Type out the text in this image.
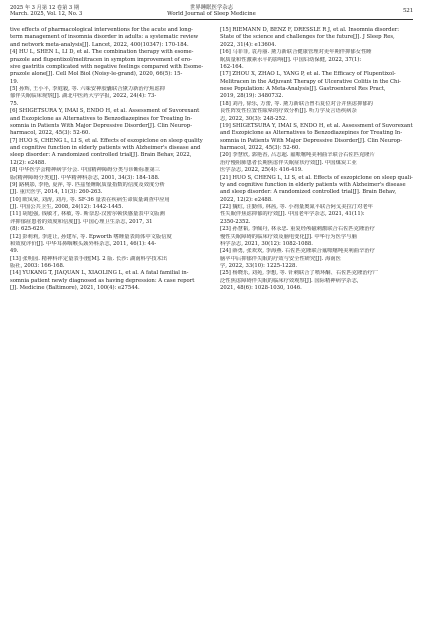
2025 年 3 月第 12 卷第 3 期
March. 2025, Vol. 12, No. 3
世界睡眠医学杂志
World Journal of Sleep Medicine
521
tive effects of pharmacological interventions for the acute and long-
term management of insomnia disorder in adults: a systematic review
and network meta-analysis[J]. Lancet, 2022, 400(10347): 170-184.
[4] HU L, SHEN L, LI D, et al. The combination therapy with esome-
prazole and flupentixol/melitracen in symptom improvement of ero-
sive gastritis complicated with negative feelings compared with Esome-
prazole alone[J]. Cell Mol Biol (Noisy-le-grand), 2020, 66(5): 15-
19.
[5] 孙辉, 王小平, 李庭毅, 等. 六味安神胶囊联合黛力新治疗焦虑抑
郁伴失眠临床观察[J]. 湖北中医药大学学报, 2022, 24(4): 73-
75.
[6] SHIGETSURA Y, IMAI S, ENDO H, et al. Assessment of Suvorexant
and Eszopiclone as Alternatives to Benzodiazepines for Treating In-
somnia in Patients With Major Depressive Disorder[J]. Clin Neurop-
harmacol, 2022, 45(3): 52-60.
[7] HUO S, CHENG L, LI S, et al. Effects of eszopiclone on sleep quality
and cognitive function in elderly patients with Alzheimer's disease and
sleep disorder: A randomized controlled trial[J]. Brain Behav, 2022,
12(2): e2488.
[8] 中华医学会精神病学分会. 中国精神障碍分类与诊断标准第三
版(精神障碍分类)[J]. 中华精神科杂志, 2001, 34(3): 184-188.
[9] 路桃影, 李艳, 夏萍, 等. 匹兹堡睡眠质量指数的信度及效度分析
[J]. 重庆医学, 2014, 11(3): 260-263.
[10] 欧凤荣, 刘涛, 刘丹, 等. SF-36 量表在疾病生命质量调查中应用
[J]. 中国公共卫生, 2008, 24(12): 1442-1445.
[11] 胡旭强, 钱敏才, 林敏, 等. 斯奈思-汉密尔顿快感量表中文版测
评抑郁症患者的效度和信度[J]. 中国心理卫生杂志, 2017, 31
(8): 625-629.
[12] 彭莉莉, 李进让, 孙建军, 等. Epworth 嗜睡量表简体中文版信度
和效度评价[J]. 中华耳鼻咽喉头颈外科杂志, 2011, 46(1): 44-
49.
[13] 张明园. 精神科评定量表手册[M]. 2 版. 长沙: 湖南科学技术出
版社, 2003: 166-168.
[14] YUKANG T, JIAQUAN L, XIAOLING L, et al. A fatal familial in-
somnia patient newly diagnosed as having depression: A case report
[J]. Medicine (Baltimore), 2021, 100(4): e27544.
[15] RIEMANN D, BENZ F, DRESSLE R J, et al. Insomnia disorder:
State of the science and challenges for the future[J]. J Sleep Res,
2022, 31(4): e13604.
[16] 马菲菲, 袁丹丽. 黛力新联合健康管理对更年期伴抑郁女性睡
眠质量和性激素水平的影响[J]. 中国妇幼保健, 2022, 37(1):
162-164.
[17] ZHOU X, ZHAO L, YANG P, et al. The Efficacy of Flupentixol-
Melitracen in the Adjuvant Therapy of Ulcerative Colitis in the Chi-
nese Population: A Meta-Analysis[J]. Gastroenterol Res Pract,
2019, 28(19): 3480732.
[18] 刘丹, 徐乐, 万蕾, 等. 黛力新联合曾石复位对合并焦虑抑郁的
良性阵发性位置性眩晕的疗效分析[J]. 听力学及言语疾病杂
志, 2022, 30(3): 248-252.
[19] SHIGETSURA Y, IMAI S, ENDO H, et al. Assessment of Suvorexant
and Eszopiclone as Alternatives to Benzodiazepines for Treating In-
somnia in Patients With Major Depressive Disorder[J]. Clin Neurop-
harmacol, 2022, 45(3): 52-60.
[20] 李慧欣, 郭艳香, 吕志超. 氟哌噻吨美利曲辛联合右佐匹克隆片
治疗慢阻肺患者长期焦虑伴失眠症状疗效[J]. 中国煤炭工业
医学杂志, 2022, 25(4): 416-419.
[21] HUO S, CHENG L, LI S, et al. Effects of eszopiclone on sleep quali-
ty and cognitive function in elderly patients with Alzheimer's disease
and sleep disorder: A randomized controlled trial[J]. Brain Behav,
2022, 12(2): e2488.
[22] 魏红, 汪勤伟, 林茜, 等. 小剂量奥氮平联合阿戈美拉汀对老年
性失眠伴焦虑抑郁的疗效[J]. 中国老年学杂志, 2021, 41(11):
2350-2352.
[23] 孙慧韬, 李佩丹, 林永忠. 重复经颅磁刺激联合右佐匹克隆治疗
慢性失眠障碍的临床疗效及脑电变化[J]. 中华行为医学与脑
科学杂志, 2021, 30(12): 1082-1088.
[24] 薛勇, 张欢欢, 李海燕. 右佐匹克隆联合氟哌噻吨美利曲辛治疗
脑卒中后抑郁伴失眠的疗效与安全性研究[J]. 海南医
学, 2022, 33(10): 1225-1228.
[25] 杨晓乐, 刘苑, 李想, 等. 针刺联合了喷环酮、右佐匹克隆治疗广
泛性焦虑障碍伴失眠的临床疗效观察[J]. 国际精神病学杂志,
2021, 48(6): 1028-1030, 1046.
